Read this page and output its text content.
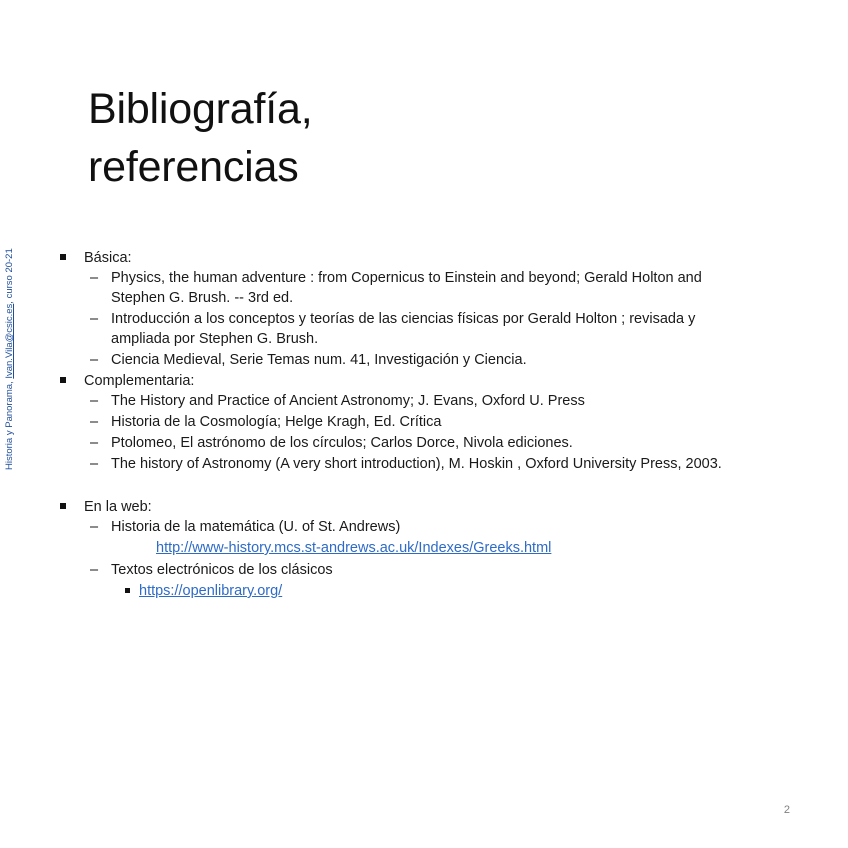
Bibliografía,
referencias
Historia y Panorama, Ivan.Vila@csic.es, curso 20-21	Básica:

– Physics, the human adventure : from Copernicus to Einstein and beyond; Gerald Holton and
Stephen G. Brush. -- 3rd ed.
– Introducción a los conceptos y teorías de las ciencias físicas por Gerald Holton ; revisada y
ampliada por Stephen G. Brush.
– Ciencia Medieval, Serie Temas num. 41, Investigación y Ciencia.

Complementaria:

– The History and Practice of Ancient Astronomy; J. Evans, Oxford U. Press
– Historia de la Cosmología; Helge Kragh, Ed. Crítica
– Ptolomeo, El astrónomo de los círculos; Carlos Dorce, Nivola ediciones.
– The history of Astronomy (A very short introduction), M. Hoskin , Oxford University Press, 2003.

En la web:

– Historia de la matemática (U. of St. Andrews)

http://www-history.mcs.st-andrews.ac.uk/Indexes/Greeks.html

– Textos electrónicos de los clásicos
https://openlibrary.org/
2
